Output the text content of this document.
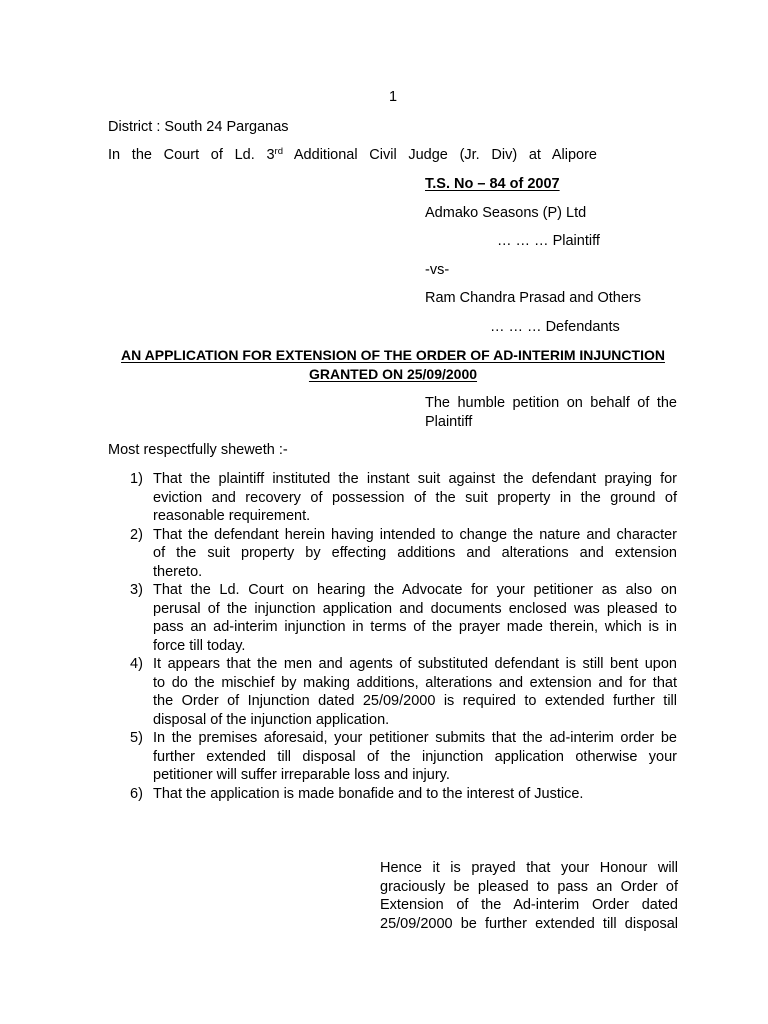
1
District : South 24 Parganas
In the Court of Ld. 3rd Additional Civil Judge (Jr. Div) at Alipore
T.S. No – 84 of 2007
Admako Seasons (P) Ltd
… … … Plaintiff
-vs-
Ram Chandra Prasad and Others
… … … Defendants
AN APPLICATION FOR EXTENSION OF THE ORDER OF AD-INTERIM INJUNCTION
GRANTED ON 25/09/2000
The humble petition on behalf of the
Plaintiff
Most respectfully sheweth :-
1) That the plaintiff instituted the instant suit against the defendant praying for
eviction and recovery of possession of the suit property in the ground of
reasonable requirement.
2) That the defendant herein having intended to change the nature and character
of the suit property by effecting additions and alterations and extension
thereto.
3) That the Ld. Court on hearing the Advocate for your petitioner as also on
perusal of the injunction application and documents enclosed was pleased to
pass an ad-interim injunction in terms of the prayer made therein, which is in
force till today.
4) It appears that the men and agents of substituted defendant is still bent upon
to do the mischief by making additions, alterations and extension and for that
the Order of Injunction dated 25/09/2000 is required to extended further till
disposal of the injunction application.
5) In the premises aforesaid, your petitioner submits that the ad-interim order be
further extended till disposal of the injunction application otherwise your
petitioner will suffer irreparable loss and injury.
6) That the application is made bonafide and to the interest of Justice.
Hence it is prayed that your Honour will
graciously be pleased to pass an Order of
Extension of the Ad-interim Order dated
25/09/2000 be further extended till disposal
